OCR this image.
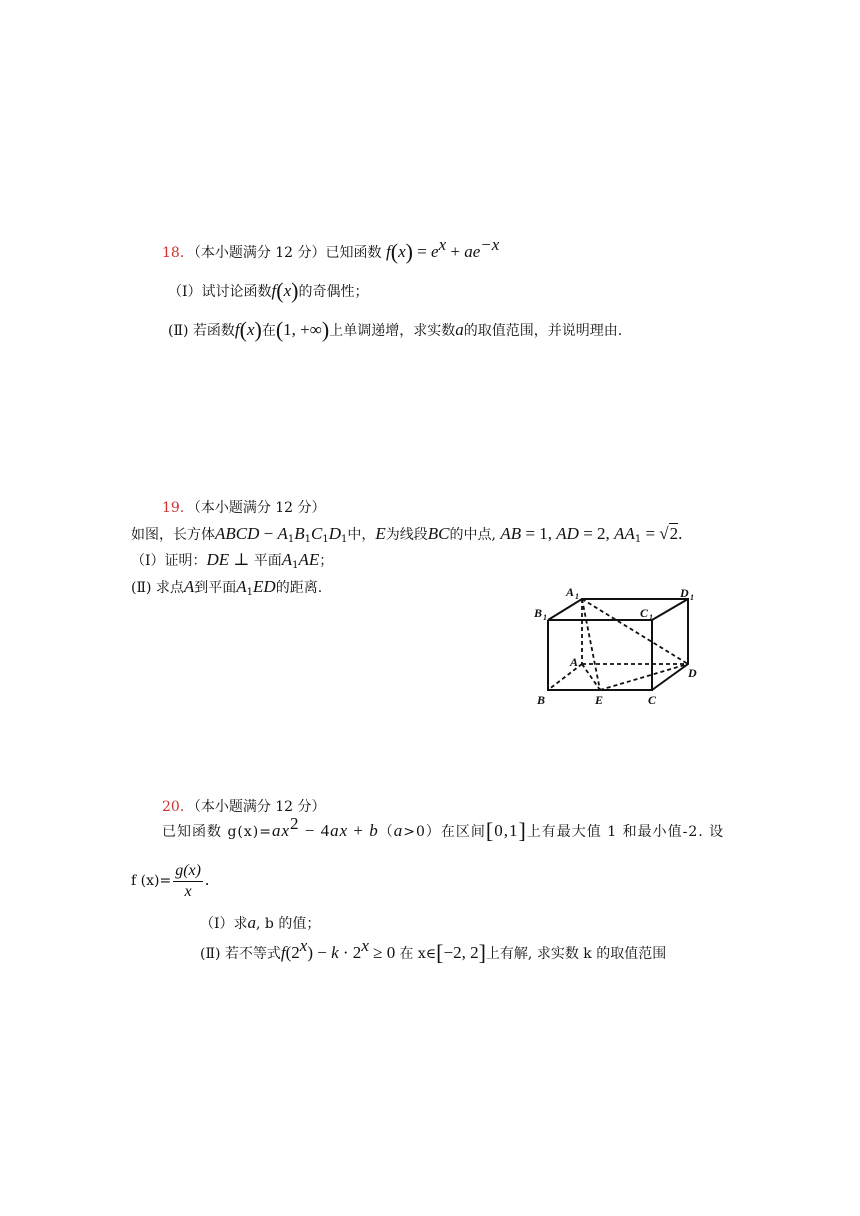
18．（本小题满分 12 分）已知函数 $f(x) = e^x + ae^{-x}$
（Ⅰ）试讨论函数f(x)的奇偶性；
(Ⅱ) 若函数f(x)在(1, +∞)上单调递增，求实数a的取值范围，并说明理由.
19．（本小题满分 12 分）
如图，长方体ABCD − $A_1B_1C_1D_1$中，E为线段BC的中点, AB = 1, AD = 2, $AA_1 = √2$.
（Ⅰ）证明：DE ⊥ 平面$A_1AE$；
(Ⅱ) 求点A到平面$A_1ED$的距离.	A 1	D 1
B 1	C 1
A
D
B	E	C
20．（本小题满分 12 分）
已知函数 $g(x)=ax^2 - 4ax + b(a>0)$在区间[0,1]上有最大值 1 和最小值-2. 设
f $(x)= \frac{g(x)}{x}$ .
（Ⅰ）求a, b 的值；
(Ⅱ) 若不等式$f(2^x) - k \cdot 2^x \ge 0$ 在 x∈[−2, 2]上有解, 求实数 k 的取值范围
